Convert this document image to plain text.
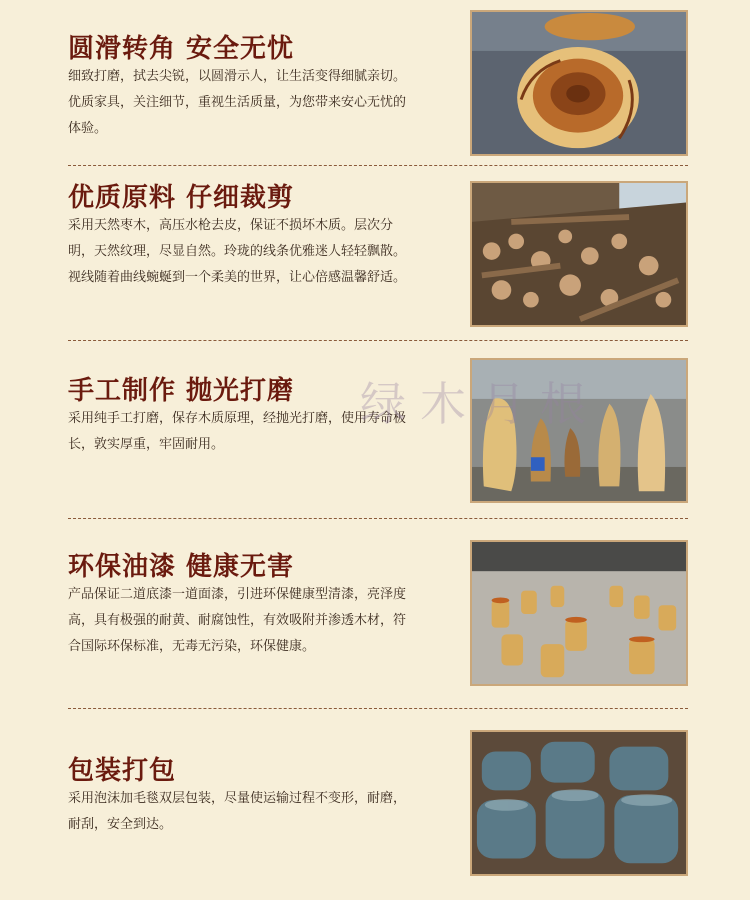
圆滑转角 安全无忧
细致打磨，拭去尖锐，以圆滑示人，让生活变得细腻亲切。优质家具，关注细节，重视生活质量，为您带来安心无忧的体验。
优质原料 仔细裁剪
采用天然枣木，高压水枪去皮，保证不损坏木质。层次分明，天然纹理，尽显自然。玲珑的线条优雅迷人轻轻飘散。视线随着曲线蜿蜒到一个柔美的世界，让心倍感温馨舒适。
手工制作 抛光打磨
采用纯手工打磨，保存木质原理，经抛光打磨，使用寿命极长，敦实厚重，牢固耐用。
环保油漆 健康无害
产品保证二道底漆一道面漆，引进环保健康型清漆，亮泽度高，具有极强的耐黄、耐腐蚀性，有效吸附并渗透木材，符合国际环保标准，无毒无污染，环保健康。
包装打包
采用泡沫加毛毯双层包装，尽量使运输过程不变形，耐磨，耐刮，安全到达。
绿木月根
